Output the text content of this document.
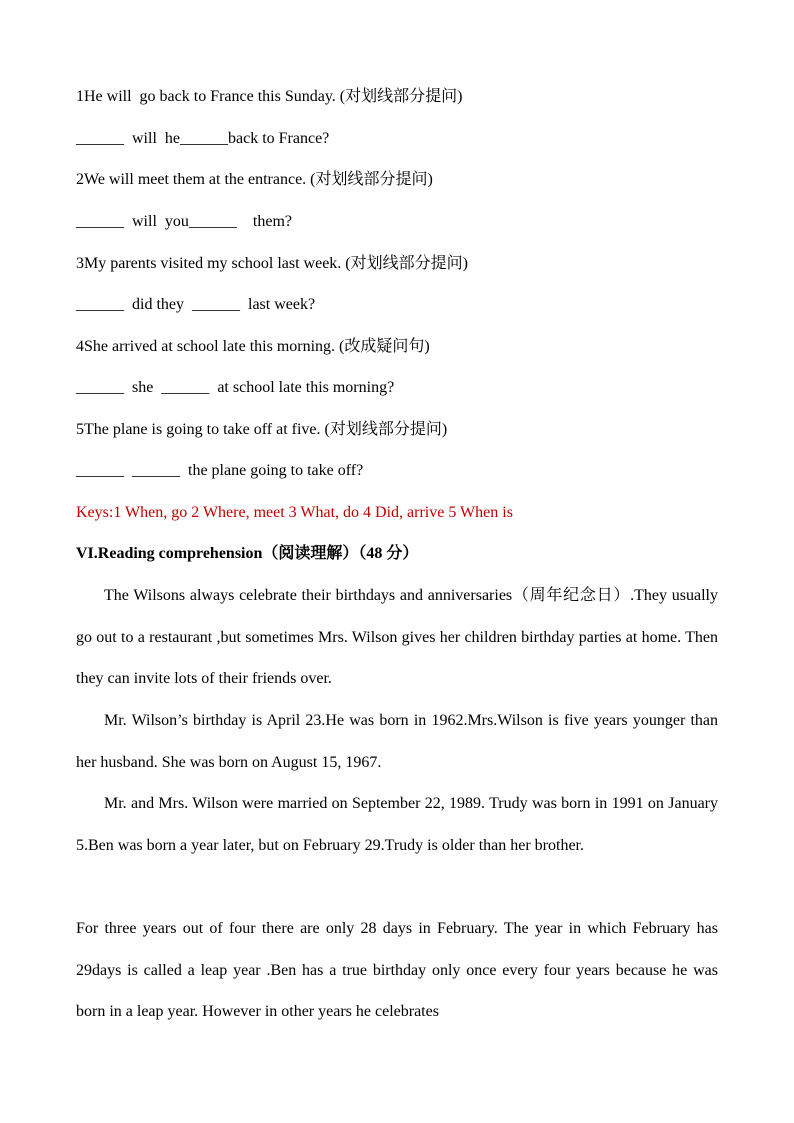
1He will  go back to France this Sunday. (对划线部分提问)
______  will  he______back to France?
2We will meet them at the entrance. (对划线部分提问)
______  will  you______    them?
3My parents visited my school last week. (对划线部分提问)
______  did they  ______  last week?
4She arrived at school late this morning. (改成疑问句)
______  she  ______  at school late this morning?
5The plane is going to take off at five. (对划线部分提问)
______  ______  the plane going to take off?
Keys:1 When, go 2 Where, meet 3 What, do 4 Did, arrive 5 When is
VI.Reading comprehension（阅读理解）（48 分）
The Wilsons always celebrate their birthdays and anniversaries（周年纪念日）.They usually go out to a restaurant ,but sometimes Mrs. Wilson gives her children birthday parties at home. Then they can invite lots of their friends over.
Mr. Wilson’s birthday is April 23.He was born in 1962.Mrs.Wilson is five years younger than her husband. She was born on August 15, 1967.
Mr. and Mrs. Wilson were married on September 22, 1989. Trudy was born in 1991 on January 5.Ben was born a year later, but on February 29.Trudy is older than her brother.
For three years out of four there are only 28 days in February. The year in which February has 29days is called a leap year .Ben has a true birthday only once every four years because he was born in a leap year. However in other years he celebrates
